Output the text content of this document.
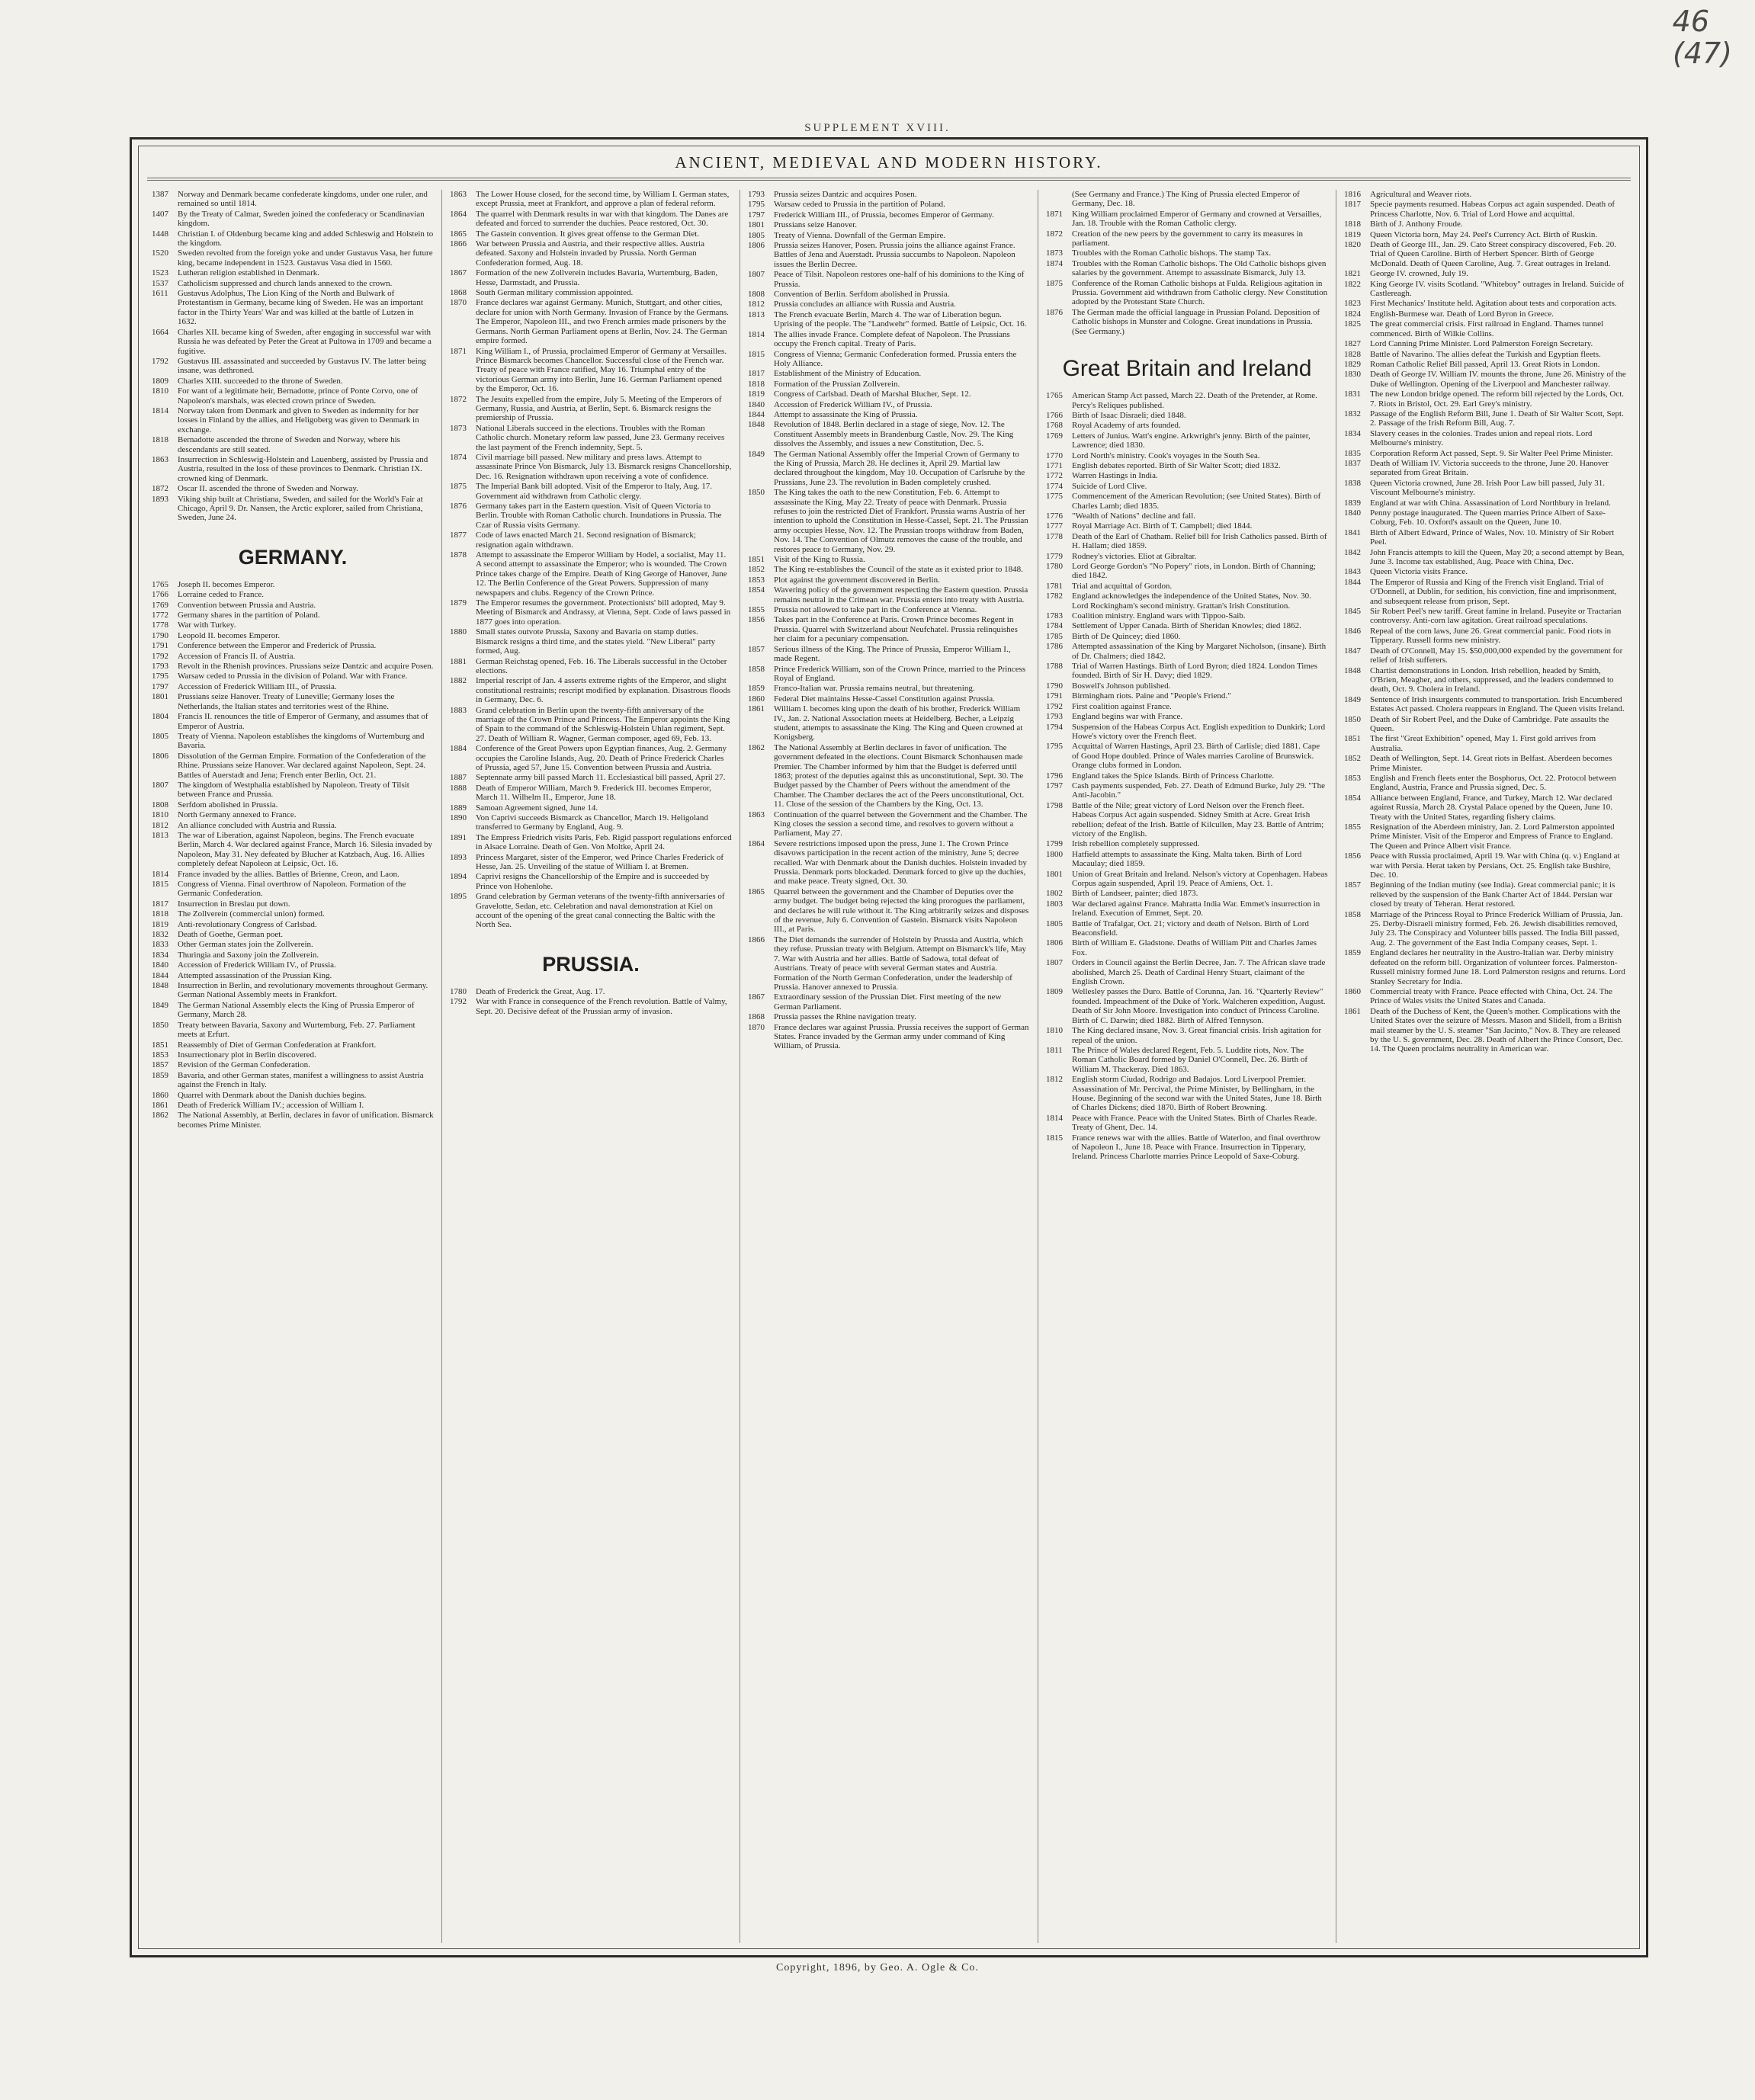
46
(47)
SUPPLEMENT XVIII.
ANCIENT, MEDIEVAL AND MODERN HISTORY.
1387	Norway and Denmark became confederate kingdoms, under one ruler, and remained so until 1814.
1407	By the Treaty of Calmar, Sweden joined the confederacy or Scandinavian kingdom.
1448	Christian I. of Oldenburg became king and added Schleswig and Holstein to the kingdom.
1520	Sweden revolted from the foreign yoke and under Gustavus Vasa, her future king, became independent in 1523. Gustavus Vasa died in 1560.
1523	Lutheran religion established in Denmark.
1537	Catholicism suppressed and church lands annexed to the crown.
1611	Gustavus Adolphus, The Lion King of the North and Bulwark of Protestantism in Germany, became king of Sweden. He was an important factor in the Thirty Years' War and was killed at the battle of Lutzen in 1632.
1664	Charles XII. became king of Sweden, after engaging in successful war with Russia he was defeated by Peter the Great at Pultowa in 1709 and became a fugitive.
1792	Gustavus III. assassinated and succeeded by Gustavus IV. The latter being insane, was dethroned.
1809	Charles XIII. succeeded to the throne of Sweden.
1810	For want of a legitimate heir, Bernadotte, prince of Ponte Corvo, one of Napoleon's marshals, was elected crown prince of Sweden.
1814	Norway taken from Denmark and given to Sweden as indemnity for her losses in Finland by the allies, and Heligoberg was given to Denmark in exchange.
1818	Bernadotte ascended the throne of Sweden and Norway, where his descendants are still seated.
1863	Insurrection in Schleswig-Holstein and Lauenberg, assisted by Prussia and Austria, resulted in the loss of these provinces to Denmark. Christian IX. crowned king of Denmark.
1872	Oscar II. ascended the throne of Sweden and Norway.
1893	Viking ship built at Christiana, Sweden, and sailed for the World's Fair at Chicago, April 9. Dr. Nansen, the Arctic explorer, sailed from Christiana, Sweden, June 24.
GERMANY.
1765	Joseph II. becomes Emperor.
1766	Lorraine ceded to France.
1769	Convention between Prussia and Austria.
1772	Germany shares in the partition of Poland.
1778	War with Turkey.
1790	Leopold II. becomes Emperor.
1791	Conference between the Emperor and Frederick of Prussia.
1792	Accession of Francis II. of Austria.
1793	Revolt in the Rhenish provinces. Prussians seize Dantzic and acquire Posen.
1795	Warsaw ceded to Prussia in the division of Poland. War with France.
1797	Accession of Frederick William III., of Prussia.
1801	Prussians seize Hanover. Treaty of Luneville; Germany loses the Netherlands, the Italian states and territories west of the Rhine.
1804	Francis II. renounces the title of Emperor of Germany, and assumes that of Emperor of Austria.
1805	Treaty of Vienna. Napoleon establishes the kingdoms of Wurtemburg and Bavaria.
1806	Dissolution of the German Empire. Formation of the Confederation of the Rhine. Prussians seize Hanover. War declared against Napoleon, Sept. 24. Battles of Auerstadt and Jena; French enter Berlin, Oct. 21.
1807	The kingdom of Westphalia established by Napoleon. Treaty of Tilsit between France and Prussia.
1808	Serfdom abolished in Prussia.
1810	North Germany annexed to France.
1812	An alliance concluded with Austria and Russia.
1813	The war of Liberation, against Napoleon, begins. The French evacuate Berlin, March 4. War declared against France, March 16. Silesia invaded by Napoleon, May 31. Ney defeated by Blucher at Katzbach, Aug. 16. Allies completely defeat Napoleon at Leipsic, Oct. 16.
1814	France invaded by the allies. Battles of Brienne, Creon, and Laon.
1815	Congress of Vienna. Final overthrow of Napoleon. Formation of the Germanic Confederation.
1817	Insurrection in Breslau put down.
1818	The Zollverein (commercial union) formed.
1819	Anti-revolutionary Congress of Carlsbad.
1832	Death of Goethe, German poet.
1833	Other German states join the Zollverein.
1834	Thuringia and Saxony join the Zollverein.
1840	Accession of Frederick William IV., of Prussia.
1844	Attempted assassination of the Prussian King.
1848	Insurrection in Berlin, and revolutionary movements throughout Germany. German National Assembly meets in Frankfort.
1849	The German National Assembly elects the King of Prussia Emperor of Germany, March 28.
1850	Treaty between Bavaria, Saxony and Wurtemburg, Feb. 27. Parliament meets at Erfurt.
1851	Reassembly of Diet of German Confederation at Frankfort.
1853	Insurrectionary plot in Berlin discovered.
1857	Revision of the German Confederation.
1859	Bavaria, and other German states, manifest a willingness to assist Austria against the French in Italy.
1860	Quarrel with Denmark about the Danish duchies begins.
1861	Death of Frederick William IV.; accession of William I.
1862	The National Assembly, at Berlin, declares in favor of unification. Bismarck becomes Prime Minister.
1863	The Lower House closed, for the second time, by William I. German states, except Prussia, meet at Frankfort, and approve a plan of federal reform.
1864	The quarrel with Denmark results in war with that kingdom. The Danes are defeated and forced to surrender the duchies. Peace restored, Oct. 30.
1865	The Gastein convention. It gives great offense to the German Diet.
1866	War between Prussia and Austria, and their respective allies. Austria defeated. Saxony and Holstein invaded by Prussia. North German Confederation formed, Aug. 18.
1867	Formation of the new Zollverein includes Bavaria, Wurtemburg, Baden, Hesse, Darmstadt, and Prussia.
1868	South German military commission appointed.
1870	France declares war against Germany. Munich, Stuttgart, and other cities, declare for union with North Germany. Invasion of France by the Germans. The Emperor, Napoleon III., and two French armies made prisoners by the Germans. North German Parliament opens at Berlin, Nov. 24. The German empire formed.
1871	King William I., of Prussia, proclaimed Emperor of Germany at Versailles. Prince Bismarck becomes Chancellor. Successful close of the French war. Treaty of peace with France ratified, May 16. Triumphal entry of the victorious German army into Berlin, June 16. German Parliament opened by the Emperor, Oct. 16.
1872	The Jesuits expelled from the empire, July 5. Meeting of the Emperors of Germany, Russia, and Austria, at Berlin, Sept. 6. Bismarck resigns the premiership of Prussia.
1873	National Liberals succeed in the elections. Troubles with the Roman Catholic church. Monetary reform law passed, June 23. Germany receives the last payment of the French indemnity, Sept. 5.
1874	Civil marriage bill passed. New military and press laws. Attempt to assassinate Prince Von Bismarck, July 13. Bismarck resigns Chancellorship, Dec. 16. Resignation withdrawn upon receiving a vote of confidence.
1875	The Imperial Bank bill adopted. Visit of the Emperor to Italy, Aug. 17. Government aid withdrawn from Catholic clergy.
1876	Germany takes part in the Eastern question. Visit of Queen Victoria to Berlin. Trouble with Roman Catholic church. Inundations in Prussia. The Czar of Russia visits Germany.
1877	Code of laws enacted March 21. Second resignation of Bismarck; resignation again withdrawn.
1878	Attempt to assassinate the Emperor William by Hodel, a socialist, May 11. A second attempt to assassinate the Emperor; who is wounded. The Crown Prince takes charge of the Empire. Death of King George of Hanover, June 12. The Berlin Conference of the Great Powers. Suppression of many newspapers and clubs. Regency of the Crown Prince.
1879	The Emperor resumes the government. Protectionists' bill adopted, May 9. Meeting of Bismarck and Andrassy, at Vienna, Sept. Code of laws passed in 1877 goes into operation.
1880	Small states outvote Prussia, Saxony and Bavaria on stamp duties. Bismarck resigns a third time, and the states yield. "New Liberal" party formed, Aug.
1881	German Reichstag opened, Feb. 16. The Liberals successful in the October elections.
1882	Imperial rescript of Jan. 4 asserts extreme rights of the Emperor, and slight constitutional restraints; rescript modified by explanation. Disastrous floods in Germany, Dec. 6.
1883	Grand celebration in Berlin upon the twenty-fifth anniversary of the marriage of the Crown Prince and Princess. The Emperor appoints the King of Spain to the command of the Schleswig-Holstein Uhlan regiment, Sept. 27. Death of William R. Wagner, German composer, aged 69, Feb. 13.
1884	Conference of the Great Powers upon Egyptian finances, Aug. 2. Germany occupies the Caroline Islands, Aug. 20. Death of Prince Frederick Charles of Prussia, aged 57, June 15. Convention between Prussia and Austria.
1887	Septennate army bill passed March 11. Ecclesiastical bill passed, April 27.
1888	Death of Emperor William, March 9. Frederick III. becomes Emperor, March 11. Wilhelm II., Emperor, June 18.
1889	Samoan Agreement signed, June 14.
1890	Von Caprivi succeeds Bismarck as Chancellor, March 19. Heligoland transferred to Germany by England, Aug. 9.
1891	The Empress Friedrich visits Paris, Feb. Rigid passport regulations enforced in Alsace Lorraine. Death of Gen. Von Moltke, April 24.
1893	Princess Margaret, sister of the Emperor, wed Prince Charles Frederick of Hesse, Jan. 25. Unveiling of the statue of William I. at Bremen.
1894	Caprivi resigns the Chancellorship of the Empire and is succeeded by Prince von Hohenlohe.
1895	Grand celebration by German veterans of the twenty-fifth anniversaries of Gravelotte, Sedan, etc. Celebration and naval demonstration at Kiel on account of the opening of the great canal connecting the Baltic with the North Sea.
PRUSSIA.
1780	Death of Frederick the Great, Aug. 17.
1792	War with France in consequence of the French revolution. Battle of Valmy, Sept. 20. Decisive defeat of the Prussian army of invasion.
1793	Prussia seizes Dantzic and acquires Posen.
1795	Warsaw ceded to Prussia in the partition of Poland.
1797	Frederick William III., of Prussia, becomes Emperor of Germany.
1801	Prussians seize Hanover.
1805	Treaty of Vienna. Downfall of the German Empire.
1806	Prussia seizes Hanover, Posen. Prussia joins the alliance against France. Battles of Jena and Auerstadt. Prussia succumbs to Napoleon. Napoleon issues the Berlin Decree.
1807	Peace of Tilsit. Napoleon restores one-half of his dominions to the King of Prussia.
1808	Convention of Berlin. Serfdom abolished in Prussia.
1812	Prussia concludes an alliance with Russia and Austria.
1813	The French evacuate Berlin, March 4. The war of Liberation begun. Uprising of the people. The "Landwehr" formed. Battle of Leipsic, Oct. 16.
1814	The allies invade France. Complete defeat of Napoleon. The Prussians occupy the French capital. Treaty of Paris.
1815	Congress of Vienna; Germanic Confederation formed. Prussia enters the Holy Alliance.
1817	Establishment of the Ministry of Education.
1818	Formation of the Prussian Zollverein.
1819	Congress of Carlsbad. Death of Marshal Blucher, Sept. 12.
1840	Accession of Frederick William IV., of Prussia.
1844	Attempt to assassinate the King of Prussia.
1848	Revolution of 1848. Berlin declared in a stage of siege, Nov. 12. The Constituent Assembly meets in Brandenburg Castle, Nov. 29. The King dissolves the Assembly, and issues a new Constitution, Dec. 5.
1849	The German National Assembly offer the Imperial Crown of Germany to the King of Prussia, March 28. He declines it, April 29. Martial law declared throughout the kingdom, May 10. Occupation of Carlsruhe by the Prussians, June 23. The revolution in Baden completely crushed.
1850	The King takes the oath to the new Constitution, Feb. 6. Attempt to assassinate the King, May 22. Treaty of peace with Denmark. Prussia refuses to join the restricted Diet of Frankfort. Prussia warns Austria of her intention to uphold the Constitution in Hesse-Cassel, Sept. 21. The Prussian army occupies Hesse, Nov. 12. The Prussian troops withdraw from Baden, Nov. 14. The Convention of Olmutz removes the cause of the trouble, and restores peace to Germany, Nov. 29.
1851	Visit of the King to Russia.
1852	The King re-establishes the Council of the state as it existed prior to 1848.
1853	Plot against the government discovered in Berlin.
1854	Wavering policy of the government respecting the Eastern question. Prussia remains neutral in the Crimean war. Prussia enters into treaty with Austria.
1855	Prussia not allowed to take part in the Conference at Vienna.
1856	Takes part in the Conference at Paris. Crown Prince becomes Regent in Prussia. Quarrel with Switzerland about Neufchatel. Prussia relinquishes her claim for a pecuniary compensation.
1857	Serious illness of the King. The Prince of Prussia, Emperor William I., made Regent.
1858	Prince Frederick William, son of the Crown Prince, married to the Princess Royal of England.
1859	Franco-Italian war. Prussia remains neutral, but threatening.
1860	Federal Diet maintains Hesse-Cassel Constitution against Prussia.
1861	William I. becomes king upon the death of his brother, Frederick William IV., Jan. 2. National Association meets at Heidelberg. Becher, a Leipzig student, attempts to assassinate the King. The King and Queen crowned at Konigsberg.
1862	The National Assembly at Berlin declares in favor of unification. The government defeated in the elections. Count Bismarck Schonhausen made Premier. The Chamber informed by him that the Budget is deferred until 1863; protest of the deputies against this as unconstitutional, Sept. 30. The Budget passed by the Chamber of Peers without the amendment of the Chamber. The Chamber declares the act of the Peers unconstitutional, Oct. 11. Close of the session of the Chambers by the King, Oct. 13.
1863	Continuation of the quarrel between the Government and the Chamber. The King closes the session a second time, and resolves to govern without a Parliament, May 27.
1864	Severe restrictions imposed upon the press, June 1. The Crown Prince disavows participation in the recent action of the ministry, June 5; decree recalled. War with Denmark about the Danish duchies. Holstein invaded by Prussia. Denmark ports blockaded. Denmark forced to give up the duchies, and make peace. Treaty signed, Oct. 30.
1865	Quarrel between the government and the Chamber of Deputies over the army budget. The budget being rejected the king prorogues the parliament, and declares he will rule without it. The King arbitrarily seizes and disposes of the revenue, July 6. Convention of Gastein. Bismarck visits Napoleon III., at Paris.
1866	The Diet demands the surrender of Holstein by Prussia and Austria, which they refuse. Prussian treaty with Belgium. Attempt on Bismarck's life, May 7. War with Austria and her allies. Battle of Sadowa, total defeat of Austrians. Treaty of peace with several German states and Austria. Formation of the North German Confederation, under the leadership of Prussia. Hanover annexed to Prussia.
1867	Extraordinary session of the Prussian Diet. First meeting of the new German Parliament.
1868	Prussia passes the Rhine navigation treaty.
1870	France declares war against Prussia. Prussia receives the support of German States. France invaded by the German army under command of King William, of Prussia.
(See Germany and France.) The King of Prussia elected Emperor of Germany, Dec. 18.
1871	King William proclaimed Emperor of Germany and crowned at Versailles, Jan. 18. Trouble with the Roman Catholic clergy.
1872	Creation of the new peers by the government to carry its measures in parliament.
1873	Troubles with the Roman Catholic bishops. The stamp Tax.
1874	Troubles with the Roman Catholic bishops. The Old Catholic bishops given salaries by the government. Attempt to assassinate Bismarck, July 13.
1875	Conference of the Roman Catholic bishops at Fulda. Religious agitation in Prussia. Government aid withdrawn from Catholic clergy. New Constitution adopted by the Protestant State Church.
1876	The German made the official language in Prussian Poland. Deposition of Catholic bishops in Munster and Cologne. Great inundations in Prussia. (See Germany.)
Great Britain and Ireland
1765	American Stamp Act passed, March 22. Death of the Pretender, at Rome. Percy's Reliques published.
1766	Birth of Isaac Disraeli; died 1848.
1768	Royal Academy of arts founded.
1769	Letters of Junius. Watt's engine. Arkwright's jenny. Birth of the painter, Lawrence; died 1830.
1770	Lord North's ministry. Cook's voyages in the South Sea.
1771	English debates reported. Birth of Sir Walter Scott; died 1832.
1772	Warren Hastings in India.
1774	Suicide of Lord Clive.
1775	Commencement of the American Revolution; (see United States). Birth of Charles Lamb; died 1835.
1776	"Wealth of Nations" decline and fall.
1777	Royal Marriage Act. Birth of T. Campbell; died 1844.
1778	Death of the Earl of Chatham. Relief bill for Irish Catholics passed. Birth of H. Hallam; died 1859.
1779	Rodney's victories. Eliot at Gibraltar.
1780	Lord George Gordon's "No Popery" riots, in London. Birth of Channing; died 1842.
1781	Trial and acquittal of Gordon.
1782	England acknowledges the independence of the United States, Nov. 30. Lord Rockingham's second ministry. Grattan's Irish Constitution.
1783	Coalition ministry. England wars with Tippoo-Saib.
1784	Settlement of Upper Canada. Birth of Sheridan Knowles; died 1862.
1785	Birth of De Quincey; died 1860.
1786	Attempted assassination of the King by Margaret Nicholson, (insane). Birth of Dr. Chalmers; died 1842.
1788	Trial of Warren Hastings. Birth of Lord Byron; died 1824. London Times founded. Birth of Sir H. Davy; died 1829.
1790	Boswell's Johnson published.
1791	Birmingham riots. Paine and "People's Friend."
1792	First coalition against France.
1793	England begins war with France.
1794	Suspension of the Habeas Corpus Act. English expedition to Dunkirk; Lord Howe's victory over the French fleet.
1795	Acquittal of Warren Hastings, April 23. Birth of Carlisle; died 1881. Cape of Good Hope doubled. Prince of Wales marries Caroline of Brunswick. Orange clubs formed in London.
1796	England takes the Spice Islands. Birth of Princess Charlotte.
1797	Cash payments suspended, Feb. 27. Death of Edmund Burke, July 29. "The Anti-Jacobin."
1798	Battle of the Nile; great victory of Lord Nelson over the French fleet. Habeas Corpus Act again suspended. Sidney Smith at Acre. Great Irish rebellion; defeat of the Irish. Battle of Kilcullen, May 23. Battle of Antrim; victory of the English.
1799	Irish rebellion completely suppressed.
1800	Hatfield attempts to assassinate the King. Malta taken. Birth of Lord Macaulay; died 1859.
1801	Union of Great Britain and Ireland. Nelson's victory at Copenhagen. Habeas Corpus again suspended, April 19. Peace of Amiens, Oct. 1.
1802	Birth of Landseer, painter; died 1873.
1803	War declared against France. Mahratta India War. Emmet's insurrection in Ireland. Execution of Emmet, Sept. 20.
1805	Battle of Trafalgar, Oct. 21; victory and death of Nelson. Birth of Lord Beaconsfield.
1806	Birth of William E. Gladstone. Deaths of William Pitt and Charles James Fox.
1807	Orders in Council against the Berlin Decree, Jan. 7. The African slave trade abolished, March 25. Death of Cardinal Henry Stuart, claimant of the English Crown.
1809	Wellesley passes the Duro. Battle of Corunna, Jan. 16. "Quarterly Review" founded. Impeachment of the Duke of York. Walcheren expedition, August. Death of Sir John Moore. Investigation into conduct of Princess Caroline. Birth of C. Darwin; died 1882. Birth of Alfred Tennyson.
1810	The King declared insane, Nov. 3. Great financial crisis. Irish agitation for repeal of the union.
1811	The Prince of Wales declared Regent, Feb. 5. Luddite riots, Nov. The Roman Catholic Board formed by Daniel O'Connell, Dec. 26. Birth of William M. Thackeray. Died 1863.
1812	English storm Ciudad, Rodrigo and Badajos. Lord Liverpool Premier. Assassination of Mr. Percival, the Prime Minister, by Bellingham, in the House. Beginning of the second war with the United States, June 18. Birth of Charles Dickens; died 1870. Birth of Robert Browning.
1814	Peace with France. Peace with the United States. Birth of Charles Reade. Treaty of Ghent, Dec. 14.
1815	France renews war with the allies. Battle of Waterloo, and final overthrow of Napoleon I., June 18. Peace with France. Insurrection in Tipperary, Ireland. Princess Charlotte marries Prince Leopold of Saxe-Coburg.
1816	Agricultural and Weaver riots.
1817	Specie payments resumed. Habeas Corpus act again suspended. Death of Princess Charlotte, Nov. 6. Trial of Lord Howe and acquittal.
1818	Birth of J. Anthony Froude.
1819	Queen Victoria born, May 24. Peel's Currency Act. Birth of Ruskin.
1820	Death of George III., Jan. 29. Cato Street conspiracy discovered, Feb. 20. Trial of Queen Caroline. Birth of Herbert Spencer. Birth of George McDonald. Death of Queen Caroline, Aug. 7. Great outrages in Ireland.
1821	George IV. crowned, July 19.
1822	King George IV. visits Scotland. "Whiteboy" outrages in Ireland. Suicide of Castlereagh.
1823	First Mechanics' Institute held. Agitation about tests and corporation acts.
1824	English-Burmese war. Death of Lord Byron in Greece.
1825	The great commercial crisis. First railroad in England. Thames tunnel commenced. Birth of Wilkie Collins.
1827	Lord Canning Prime Minister. Lord Palmerston Foreign Secretary.
1828	Battle of Navarino. The allies defeat the Turkish and Egyptian fleets.
1829	Roman Catholic Relief Bill passed, April 13. Great Riots in London.
1830	Death of George IV. William IV. mounts the throne, June 26. Ministry of the Duke of Wellington. Opening of the Liverpool and Manchester railway.
1831	The new London bridge opened. The reform bill rejected by the Lords, Oct. 7. Riots in Bristol, Oct. 29. Earl Grey's ministry.
1832	Passage of the English Reform Bill, June 1. Death of Sir Walter Scott, Sept. 2. Passage of the Irish Reform Bill, Aug. 7.
1834	Slavery ceases in the colonies. Trades union and repeal riots. Lord Melbourne's ministry.
1835	Corporation Reform Act passed, Sept. 9. Sir Walter Peel Prime Minister.
1837	Death of William IV. Victoria succeeds to the throne, June 20. Hanover separated from Great Britain.
1838	Queen Victoria crowned, June 28. Irish Poor Law bill passed, July 31. Viscount Melbourne's ministry.
1839	England at war with China. Assassination of Lord Northbury in Ireland.
1840	Penny postage inaugurated. The Queen marries Prince Albert of Saxe-Coburg, Feb. 10. Oxford's assault on the Queen, June 10.
1841	Birth of Albert Edward, Prince of Wales, Nov. 10. Ministry of Sir Robert Peel.
1842	John Francis attempts to kill the Queen, May 20; a second attempt by Bean, June 3. Income tax established, Aug. Peace with China, Dec.
1843	Queen Victoria visits France.
1844	The Emperor of Russia and King of the French visit England. Trial of O'Donnell, at Dublin, for sedition, his conviction, fine and imprisonment, and subsequent release from prison, Sept.
1845	Sir Robert Peel's new tariff. Great famine in Ireland. Puseyite or Tractarian controversy. Anti-corn law agitation. Great railroad speculations.
1846	Repeal of the corn laws, June 26. Great commercial panic. Food riots in Tipperary. Russell forms new ministry.
1847	Death of O'Connell, May 15. $50,000,000 expended by the government for relief of Irish sufferers.
1848	Chartist demonstrations in London. Irish rebellion, headed by Smith, O'Brien, Meagher, and others, suppressed, and the leaders condemned to death, Oct. 9. Cholera in Ireland.
1849	Sentence of Irish insurgents commuted to transportation. Irish Encumbered Estates Act passed. Cholera reappears in England. The Queen visits Ireland.
1850	Death of Sir Robert Peel, and the Duke of Cambridge. Pate assaults the Queen.
1851	The first "Great Exhibition" opened, May 1. First gold arrives from Australia.
1852	Death of Wellington, Sept. 14. Great riots in Belfast. Aberdeen becomes Prime Minister.
1853	English and French fleets enter the Bosphorus, Oct. 22. Protocol between England, Austria, France and Prussia signed, Dec. 5.
1854	Alliance between England, France, and Turkey, March 12. War declared against Russia, March 28. Crystal Palace opened by the Queen, June 10. Treaty with the United States, regarding fishery claims.
1855	Resignation of the Aberdeen ministry, Jan. 2. Lord Palmerston appointed Prime Minister. Visit of the Emperor and Empress of France to England. The Queen and Prince Albert visit France.
1856	Peace with Russia proclaimed, April 19. War with China (q. v.) England at war with Persia. Herat taken by Persians, Oct. 25. English take Bushire, Dec. 10.
1857	Beginning of the Indian mutiny (see India). Great commercial panic; it is relieved by the suspension of the Bank Charter Act of 1844. Persian war closed by treaty of Teheran. Herat restored.
1858	Marriage of the Princess Royal to Prince Frederick William of Prussia, Jan. 25. Derby-Disraeli ministry formed, Feb. 26. Jewish disabilities removed, July 23. The Conspiracy and Volunteer bills passed. The India Bill passed, Aug. 2. The government of the East India Company ceases, Sept. 1.
1859	England declares her neutrality in the Austro-Italian war. Derby ministry defeated on the reform bill. Organization of volunteer forces. Palmerston-Russell ministry formed June 18. Lord Palmerston resigns and returns. Lord Stanley Secretary for India.
1860	Commercial treaty with France. Peace effected with China, Oct. 24. The Prince of Wales visits the United States and Canada.
1861	Death of the Duchess of Kent, the Queen's mother. Complications with the United States over the seizure of Messrs. Mason and Slidell, from a British mail steamer by the U. S. steamer "San Jacinto," Nov. 8. They are released by the U. S. government, Dec. 28. Death of Albert the Prince Consort, Dec. 14. The Queen proclaims neutrality in American war.
Copyright, 1896, by Geo. A. Ogle & Co.
